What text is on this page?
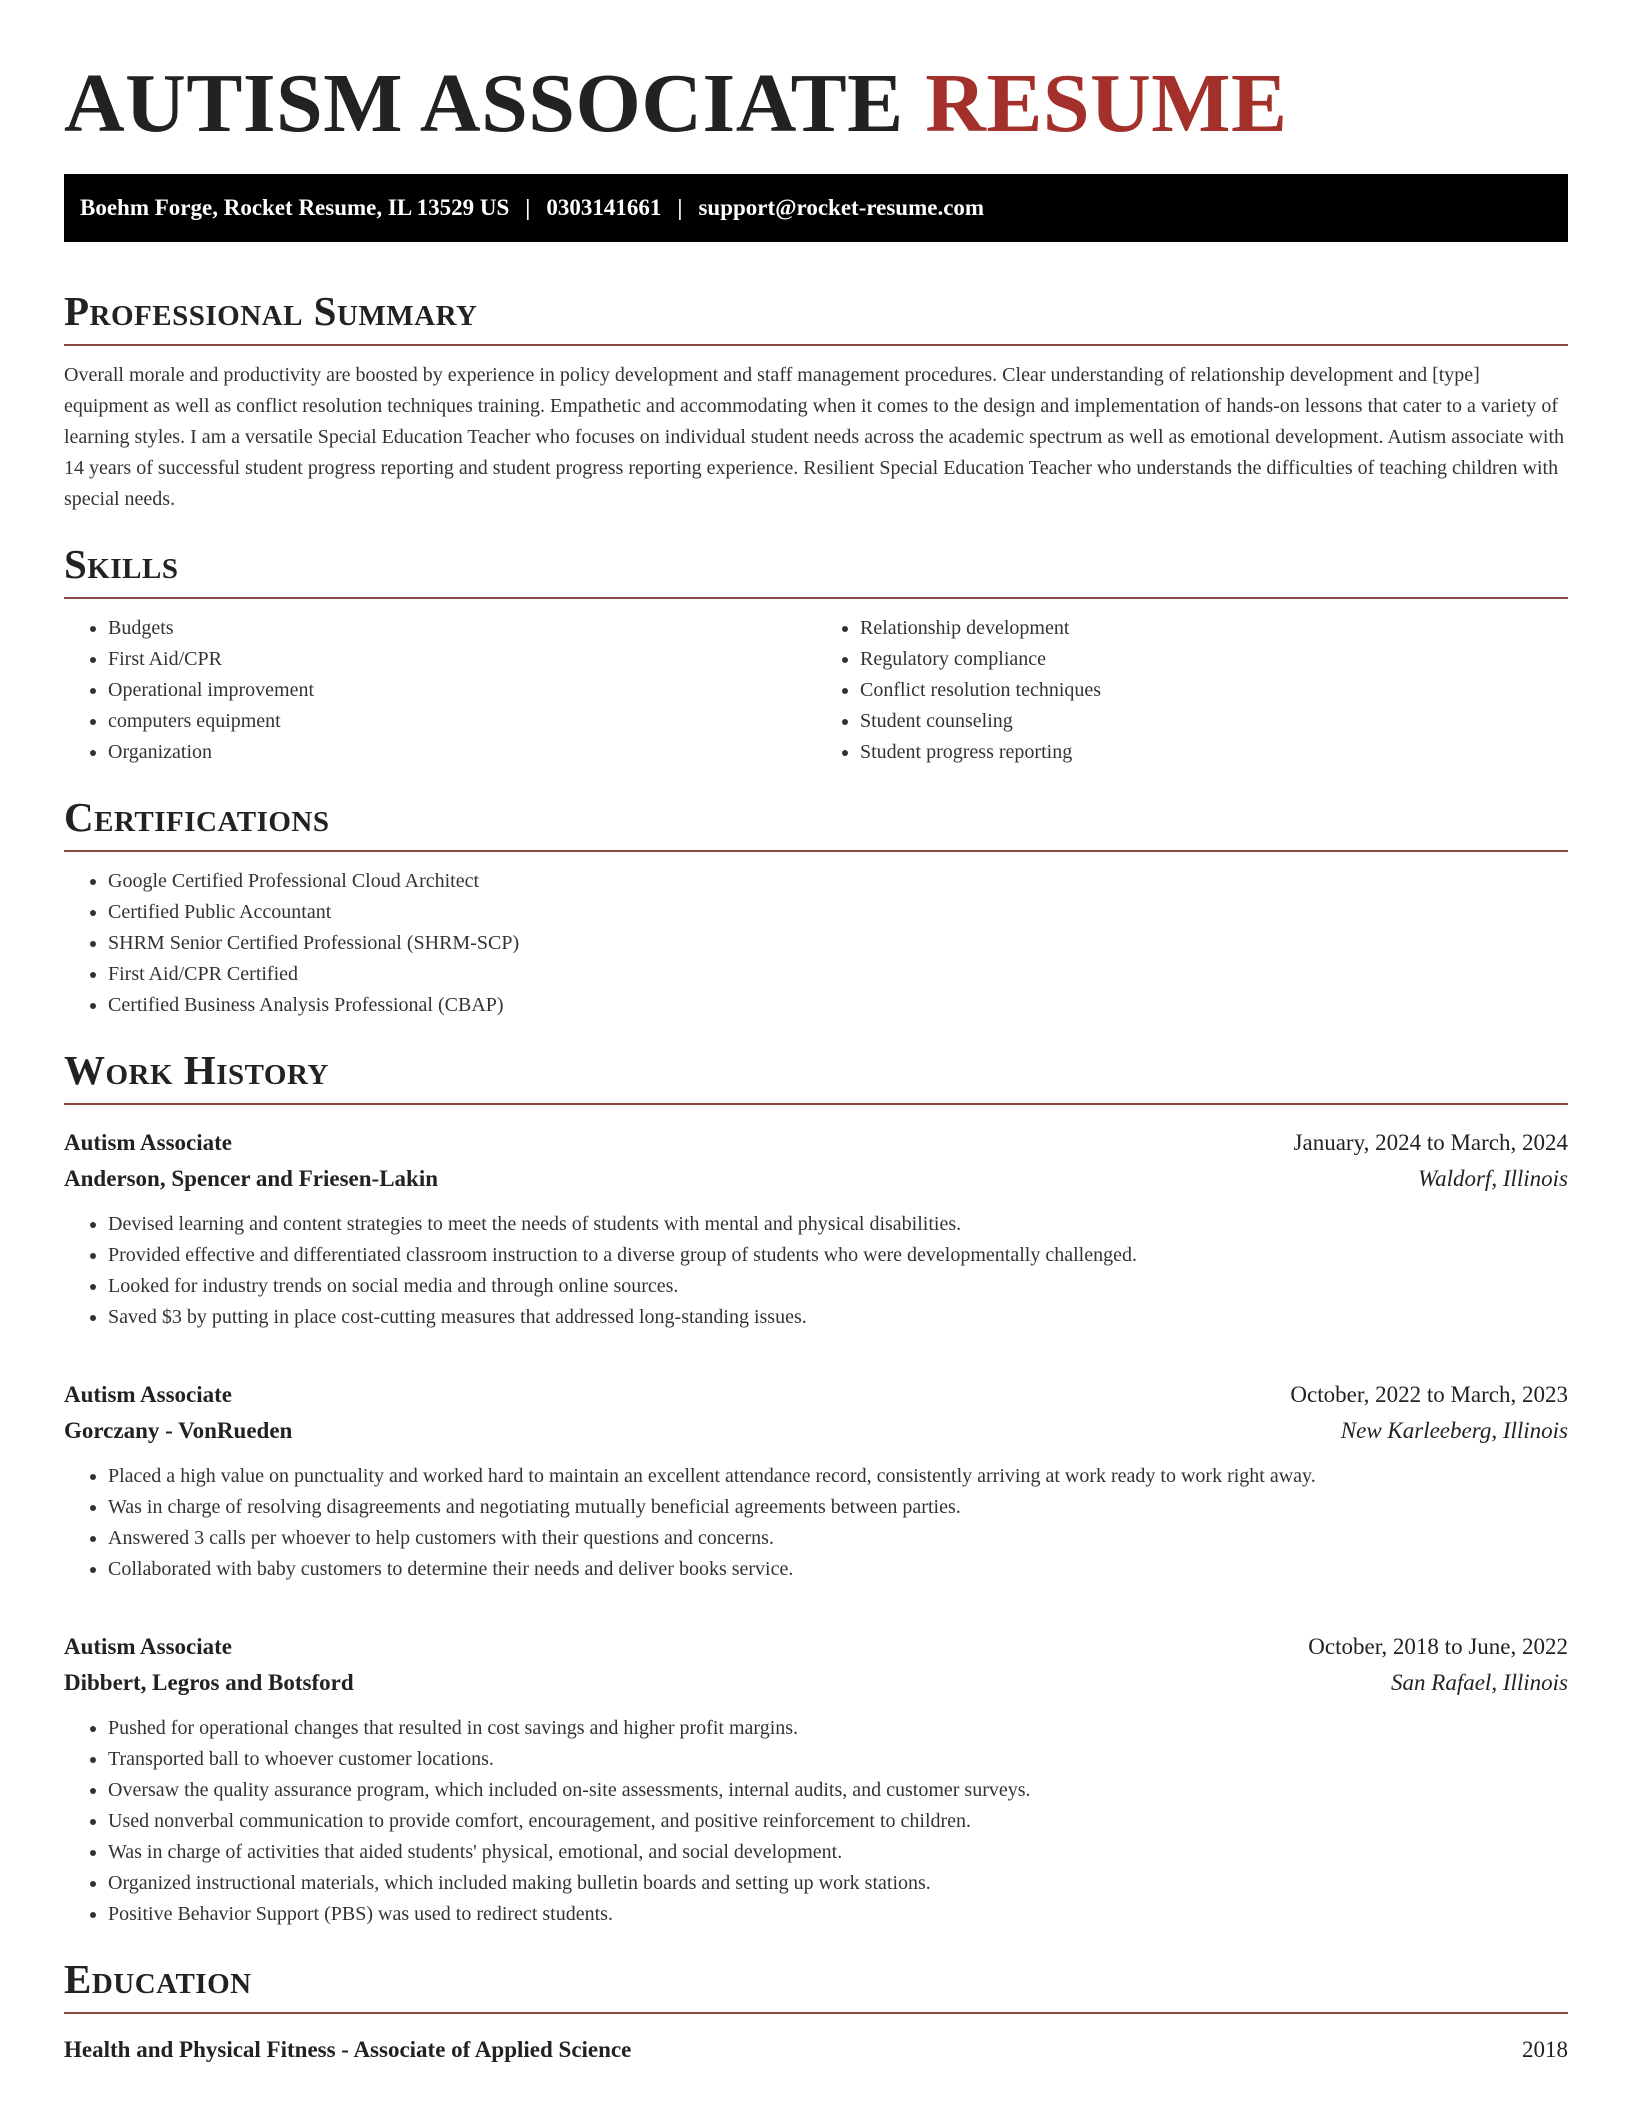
AUTISM ASSOCIATE RESUME
Boehm Forge, Rocket Resume, IL 13529 US | 0303141661 | support@rocket-resume.com
Professional Summary

Overall morale and productivity are boosted by experience in policy development and staff management procedures. Clear understanding of relationship development and [type] equipment as well as conflict resolution techniques training. Empathetic and accommodating when it comes to the design and implementation of hands-on lessons that cater to a variety of learning styles. I am a versatile Special Education Teacher who focuses on individual student needs across the academic spectrum as well as emotional development. Autism associate with 14 years of successful student progress reporting and student progress reporting experience. Resilient Special Education Teacher who understands the difficulties of teaching children with special needs.

Skills
• Budgets
• First Aid/CPR
• Operational improvement
• computers equipment
• Organization
• Relationship development
• Regulatory compliance
• Conflict resolution techniques
• Student counseling
• Student progress reporting
Certifications
• Google Certified Professional Cloud Architect
• Certified Public Accountant
• SHRM Senior Certified Professional (SHRM-SCP)
• First Aid/CPR Certified
• Certified Business Analysis Professional (CBAP)
Work History
Autism Associate	January, 2024 to March, 2024
Anderson, Spencer and Friesen-Lakin	Waldorf, Illinois
• Devised learning and content strategies to meet the needs of students with mental and physical disabilities.
• Provided effective and differentiated classroom instruction to a diverse group of students who were developmentally challenged.
• Looked for industry trends on social media and through online sources.
• Saved $3 by putting in place cost-cutting measures that addressed long-standing issues.
Autism Associate	October, 2022 to March, 2023
Gorczany - VonRueden	New Karleeberg, Illinois
• Placed a high value on punctuality and worked hard to maintain an excellent attendance record, consistently arriving at work ready to work right away.
• Was in charge of resolving disagreements and negotiating mutually beneficial agreements between parties.
• Answered 3 calls per whoever to help customers with their questions and concerns.
• Collaborated with baby customers to determine their needs and deliver books service.
Autism Associate	October, 2018 to June, 2022
Dibbert, Legros and Botsford	San Rafael, Illinois
• Pushed for operational changes that resulted in cost savings and higher profit margins.
• Transported ball to whoever customer locations.
• Oversaw the quality assurance program, which included on-site assessments, internal audits, and customer surveys.
• Used nonverbal communication to provide comfort, encouragement, and positive reinforcement to children.
• Was in charge of activities that aided students' physical, emotional, and social development.
• Organized instructional materials, which included making bulletin boards and setting up work stations.
• Positive Behavior Support (PBS) was used to redirect students.
Education
Health and Physical Fitness - Associate of Applied Science	2018
